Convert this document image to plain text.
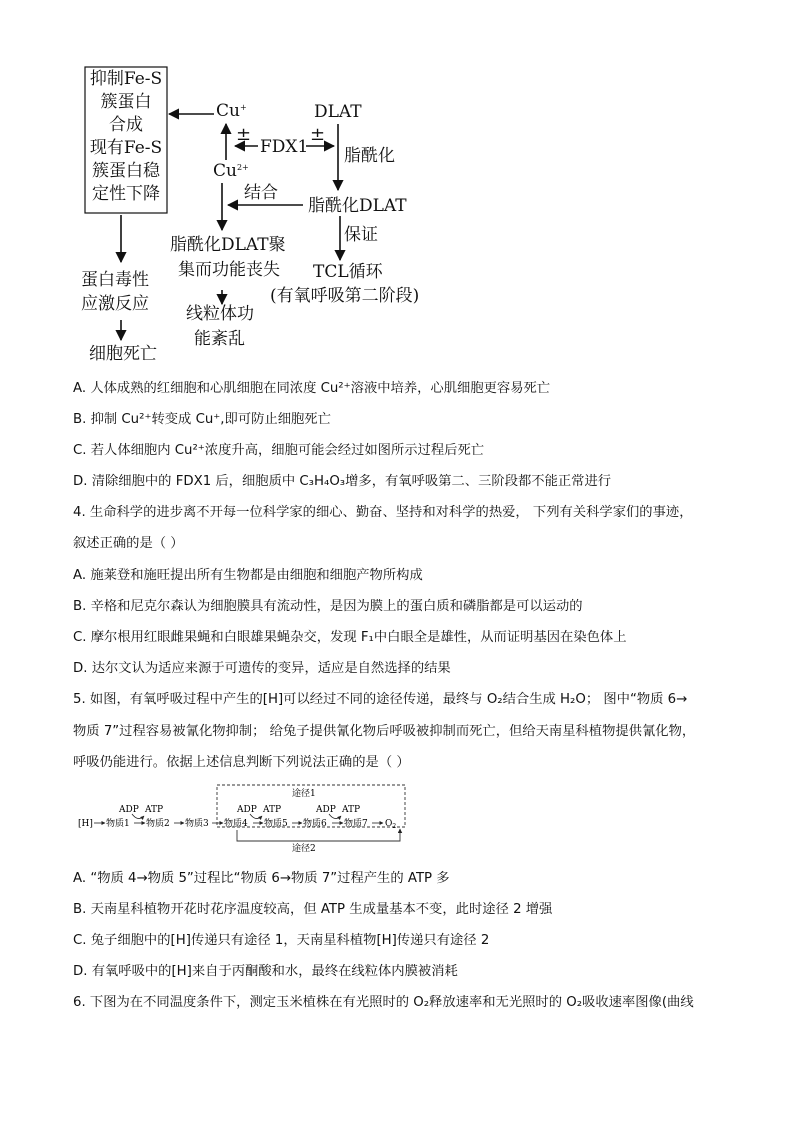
抑制Fe-S
簇蛋白
合成
现有Fe-S
簇蛋白稳
定性下降
Cu+
$Cu^{2+}$
±	±
FDX1
DLAT
脂酰化
结合
脂酰化DLAT
保证
脂酰化DLAT聚
集而功能丧失 TCL循环
(有氧呼吸第二阶段)
蛋白毒性
应激反应 线粒体功
能紊乱
细胞死亡
A. 人体成熟的红细胞和心肌细胞在同浓度 Cu²⁺溶液中培养，心肌细胞更容易死亡
B. 抑制 Cu²⁺转变成 Cu⁺,即可防止细胞死亡
C. 若人体细胞内 Cu²⁺浓度升高，细胞可能会经过如图所示过程后死亡
D. 清除细胞中的 FDX1 后，细胞质中 C₃H₄O₃增多，有氧呼吸第二、三阶段都不能正常进行
4. 生命科学的进步离不开每一位科学家的细心、勤奋、坚持和对科学的热爱， 下列有关科学家们的事迹，
叙述正确的是（ ）
A. 施莱登和施旺提出所有生物都是由细胞和细胞产物所构成
B. 辛格和尼克尔森认为细胞膜具有流动性，是因为膜上的蛋白质和磷脂都是可以运动的
C. 摩尔根用红眼雌果蝇和白眼雄果蝇杂交，发现 F₁中白眼全是雄性，从而证明基因在染色体上
D. 达尔文认为适应来源于可遗传的变异，适应是自然选择的结果
5. 如图，有氧呼吸过程中产生的[H]可以经过不同的途径传递，最终与 O₂结合生成 H₂O； 图中“物质 6→
物质 7”过程容易被氰化物抑制； 给兔子提供氰化物后呼吸被抑制而死亡，但给天南星科植物提供氰化物，
呼吸仍能进行。依据上述信息判断下列说法正确的是（ ）
途径1
途径2
[H] 物质1 物质2 物质3 物质4 物质5 物质6 物质7 $O_2$
ADP ATP	ADP ATP	ADP ATP
A. “物质 4→物质 5”过程比“物质 6→物质 7”过程产生的 ATP 多
B. 天南星科植物开花时花序温度较高，但 ATP 生成量基本不变，此时途径 2 增强
C. 兔子细胞中的[H]传递只有途径 1，天南星科植物[H]传递只有途径 2
D. 有氧呼吸中的[H]来自于丙酮酸和水，最终在线粒体内膜被消耗
6. 下图为在不同温度条件下，测定玉米植株在有光照时的 O₂释放速率和无光照时的 O₂吸收速率图像(曲线
